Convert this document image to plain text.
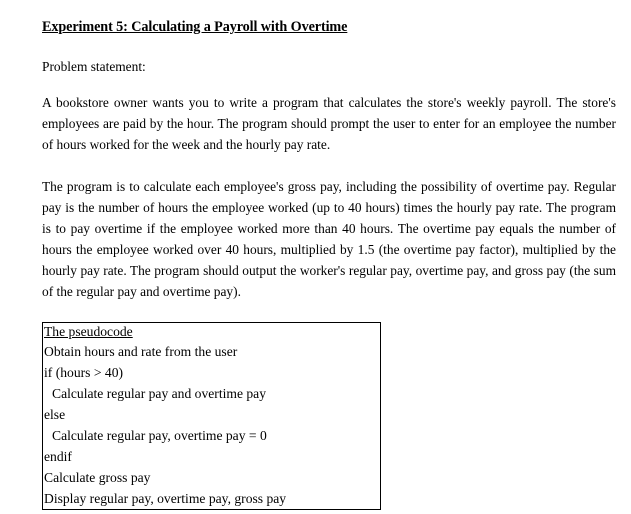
Experiment 5: Calculating a Payroll with Overtime

Problem statement:

A bookstore owner wants you to write a program that calculates the store's weekly payroll. The store's employees are paid by the hour. The program should prompt the user to enter for an employee the number of hours worked for the week and the hourly pay rate.

The program is to calculate each employee's gross pay, including the possibility of overtime pay. Regular pay is the number of hours the employee worked (up to 40 hours) times the hourly pay rate. The program is to pay overtime if the employee worked more than 40 hours. The overtime pay equals the number of hours the employee worked over 40 hours, multiplied by 1.5 (the overtime pay factor), multiplied by the hourly pay rate. The program should output the worker's regular pay, overtime pay, and gross pay (the sum of the regular pay and overtime pay).

The pseudocode
Obtain hours and rate from the user
if (hours > 40)
Calculate regular pay and overtime pay
else
Calculate regular pay, overtime pay = 0
endif
Calculate gross pay
Display regular pay, overtime pay, gross pay
